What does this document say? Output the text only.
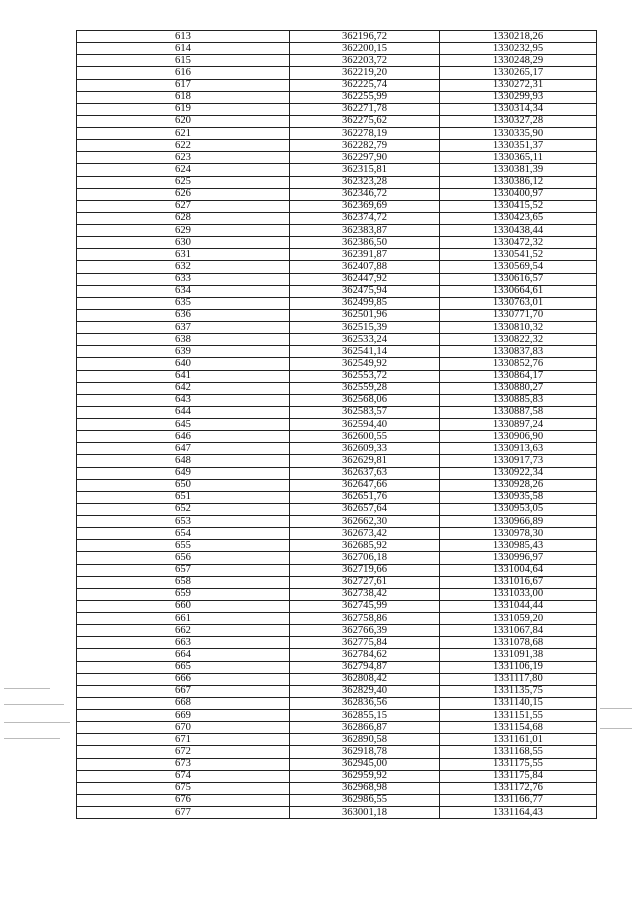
613	362196,72	1330218,26
614	362200,15	1330232,95
615	362203,72	1330248,29
616	362219,20	1330265,17
617	362225,74	1330272,31
618	362255,99	1330299,93
619	362271,78	1330314,34
620	362275,62	1330327,28
621	362278,19	1330335,90
622	362282,79	1330351,37
623	362297,90	1330365,11
624	362315,81	1330381,39
625	362323,28	1330386,12
626	362346,72	1330400,97
627	362369,69	1330415,52
628	362374,72	1330423,65
629	362383,87	1330438,44
630	362386,50	1330472,32
631	362391,87	1330541,52
632	362407,88	1330569,54
633	362447,92	1330616,57
634	362475,94	1330664,61
635	362499,85	1330763,01
636	362501,96	1330771,70
637	362515,39	1330810,32
638	362533,24	1330822,32
639	362541,14	1330837,83
640	362549,92	1330852,76
641	362553,72	1330864,17
642	362559,28	1330880,27
643	362568,06	1330885,83
644	362583,57	1330887,58
645	362594,40	1330897,24
646	362600,55	1330906,90
647	362609,33	1330913,63
648	362629,81	1330917,73
649	362637,63	1330922,34
650	362647,66	1330928,26
651	362651,76	1330935,58
652	362657,64	1330953,05
653	362662,30	1330966,89
654	362673,42	1330978,30
655	362685,92	1330985,43
656	362706,18	1330996,97
657	362719,66	1331004,64
658	362727,61	1331016,67
659	362738,42	1331033,00
660	362745,99	1331044,44
661	362758,86	1331059,20
662	362766,39	1331067,84
663	362775,84	1331078,68
664	362784,62	1331091,38
665	362794,87	1331106,19
666	362808,42	1331117,80
667	362829,40	1331135,75
668	362836,56	1331140,15
669	362855,15	1331151,55
670	362866,87	1331154,68
671	362890,58	1331161,01
672	362918,78	1331168,55
673	362945,00	1331175,55
674	362959,92	1331175,84
675	362968,98	1331172,76
676	362986,55	1331166,77
677	363001,18	1331164,43
